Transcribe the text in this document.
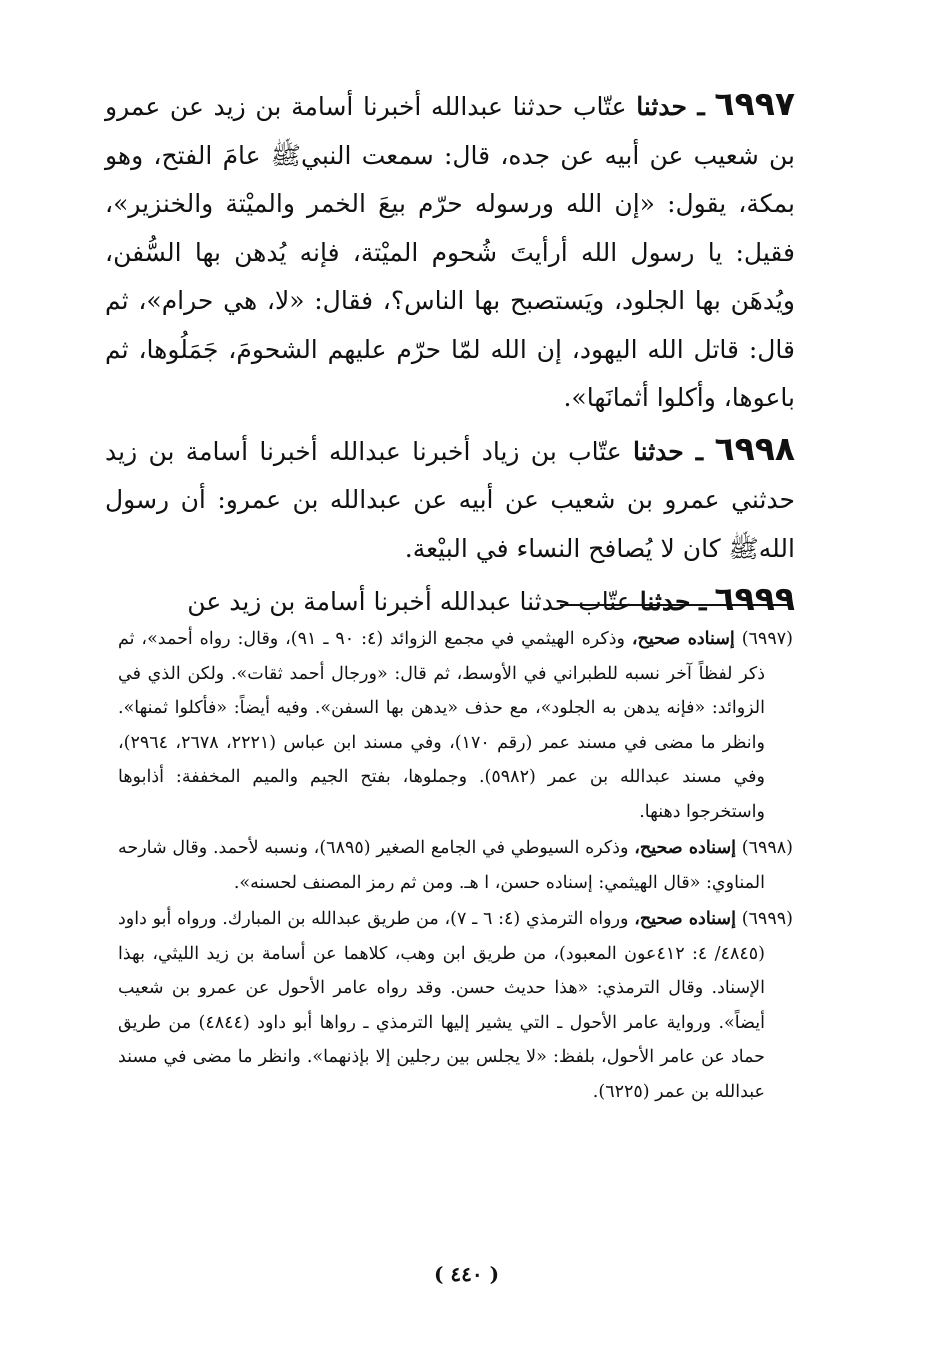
٦٩٩٧ ـ حدثنا عتّاب حدثنا عبدالله أخبرنا أسامة بن زيد عن عمرو بن شعيب عن أبيه عن جده، قال: سمعت النبيﷺ عامَ الفتح، وهو بمكة، يقول: «إن الله ورسوله حرّم بيعَ الخمر والميْتة والخنزير»، فقيل: يا رسول الله أرأيتَ شُحوم الميْتة، فإنه يُدهن بها السُّفن، ويُدهَن بها الجلود، ويَستصبح بها الناس؟، فقال: «لا، هي حرام»، ثم قال: قاتل الله اليهود، إن الله لمّا حرّم عليهم الشحومَ، جَمَلُوها، ثم باعوها، وأكلوا أثمانَها».

٦٩٩٨ ـ حدثنا عتّاب بن زياد أخبرنا عبدالله أخبرنا أسامة بن زيد حدثني عمرو بن شعيب عن أبيه عن عبدالله بن عمرو: أن رسول اللهﷺ كان لا يُصافح النساء في البيْعة.

٦٩٩٩ ـ حدثنا عتّاب حدثنا عبدالله أخبرنا أسامة بن زيد عن

(٦٩٩٧) إسناده صحيح، وذكره الهيثمي في مجمع الزوائد (٤: ٩٠ ـ ٩١)، وقال: رواه أحمد»، ثم ذكر لفظاً آخر نسبه للطبراني في الأوسط، ثم قال: «ورجال أحمد ثقات». ولكن الذي في الزوائد: «فإنه يدهن به الجلود»، مع حذف «يدهن بها السفن». وفيه أيضاً: «فأكلوا ثمنها». وانظر ما مضى في مسند عمر (رقم ١٧٠)، وفي مسند ابن عباس (٢٢٢١، ٢٦٧٨، ٢٩٦٤)، وفي مسند عبدالله بن عمر (٥٩٨٢). وجملوها، بفتح الجيم والميم المخففة: أذابوها واستخرجوا دهنها.

(٦٩٩٨) إسناده صحيح، وذكره السيوطي في الجامع الصغير (٦٨٩٥)، ونسبه لأحمد. وقال شارحه المناوي: «قال الهيثمي: إسناده حسن، ا هـ. ومن ثم رمز المصنف لحسنه».

(٦٩٩٩) إسناده صحيح، ورواه الترمذي (٤: ٦ ـ ٧)، من طريق عبدالله بن المبارك. ورواه أبو داود (٤٨٤٥/ ٤: ٤١٢عون المعبود)، من طريق ابن وهب، كلاهما عن أسامة بن زيد الليثي، بهذا الإسناد. وقال الترمذي: «هذا حديث حسن. وقد رواه عامر الأحول عن عمرو بن شعيب أيضاً». ورواية عامر الأحول ـ التي يشير إليها الترمذي ـ رواها أبو داود (٤٨٤٤) من طريق حماد عن عامر الأحول، بلفظ: «لا يجلس بين رجلين إلا بإذنهما». وانظر ما مضى في مسند عبدالله بن عمر (٦٢٢٥).

( ٤٤٠ )
